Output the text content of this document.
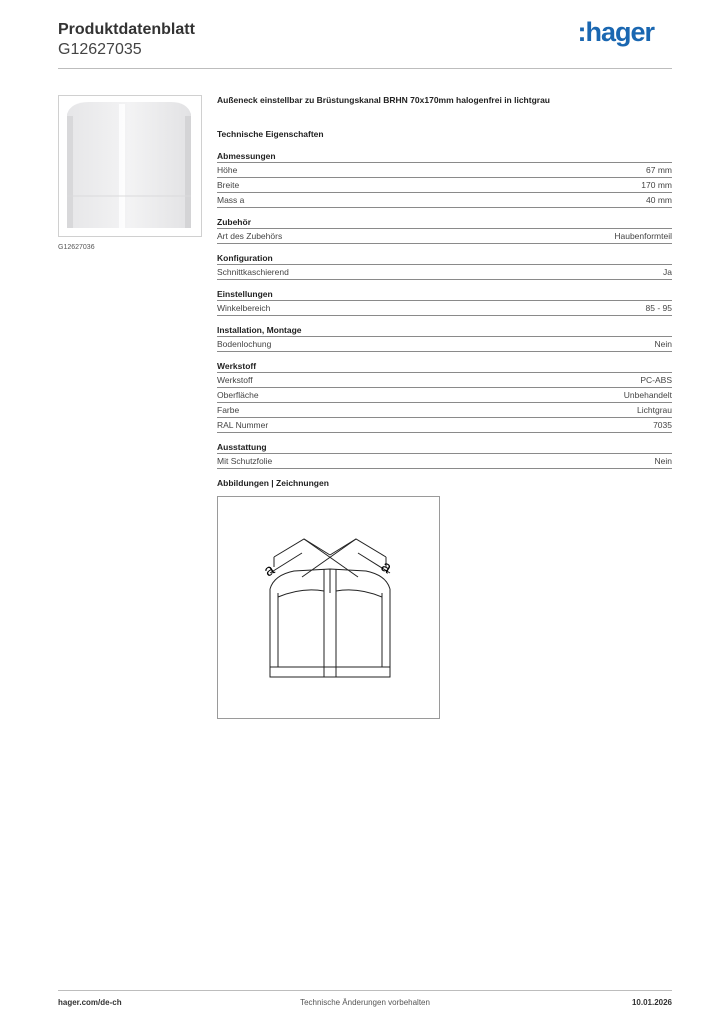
Produktdatenblatt
G12627035
:hager
G12627036
Außeneck einstellbar zu Brüstungskanal BRHN 70x170mm halogenfrei in lichtgrau
Technische Eigenschaften
Abmessungen
Höhe	67 mm
Breite	170 mm
Mass a	40 mm
Zubehör
Art des Zubehörs	Haubenformteil
Konfiguration
Schnittkaschierend	Ja
Einstellungen
Winkelbereich	85 - 95
Installation, Montage
Bodenlochung	Nein
Werkstoff
Werkstoff	PC-ABS
Oberfläche	Unbehandelt
Farbe	Lichtgrau
RAL Nummer	7035
Ausstattung
Mit Schutzfolie	Nein
Abbildungen | Zeichnungen
a	a
hager.com/de-ch	Technische Änderungen vorbehalten	10.01.2026
